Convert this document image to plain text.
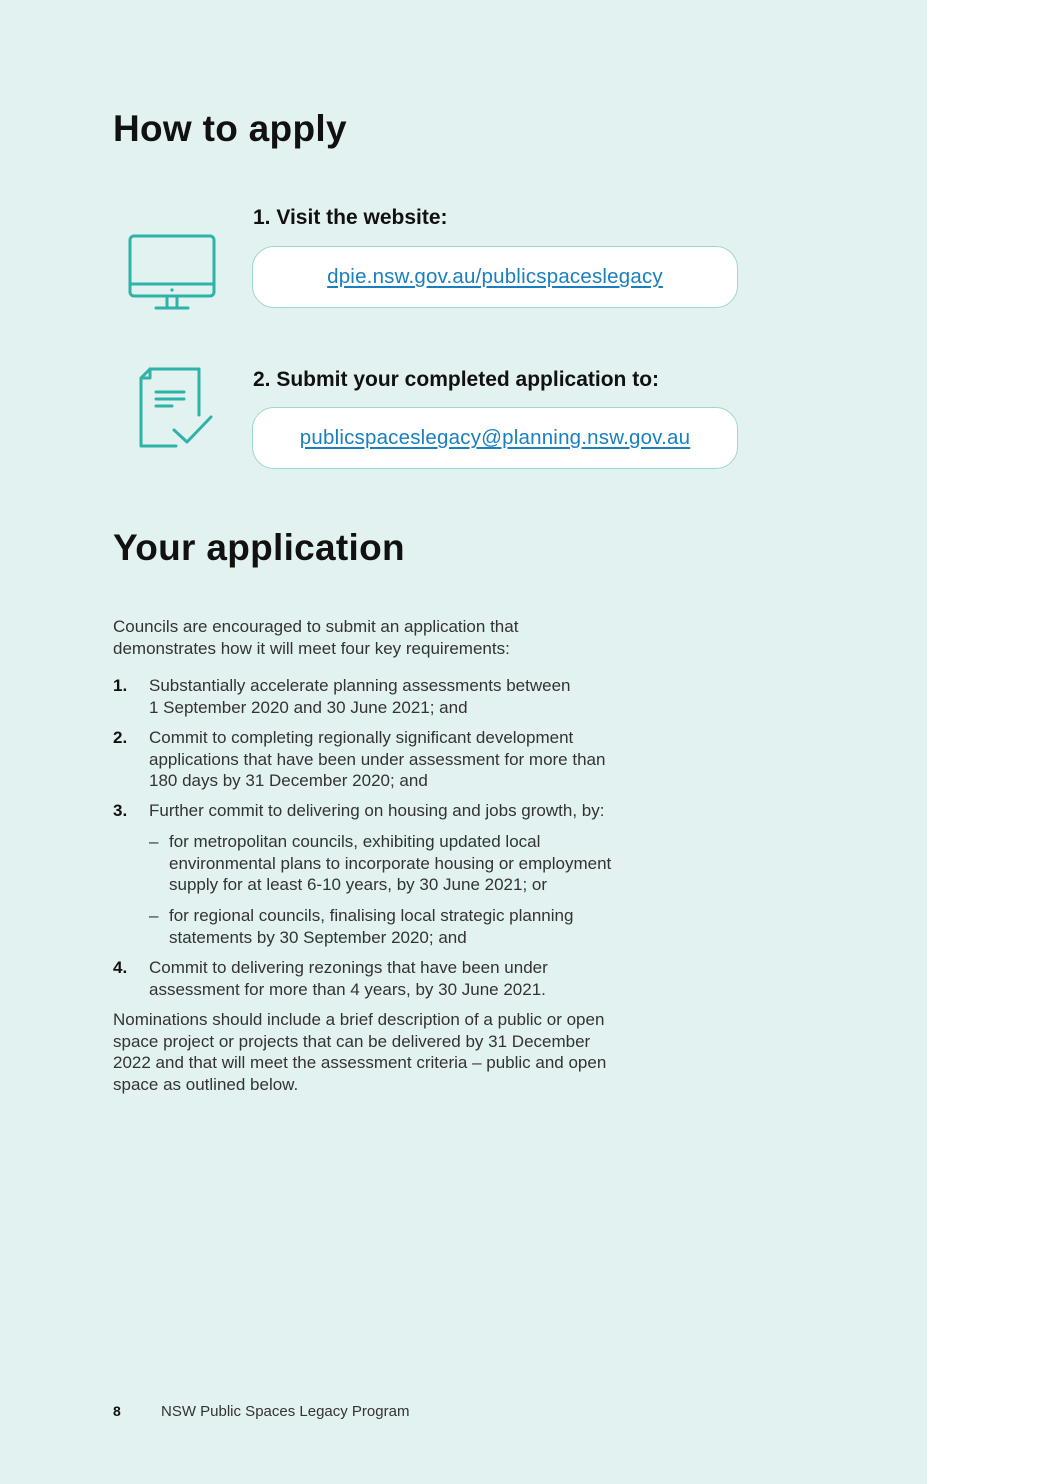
How to apply
1. Visit the website:
dpie.nsw.gov.au/publicspaceslegacy
2. Submit your completed application to:
publicspaceslegacy@planning.nsw.gov.au
Your application

Councils are encouraged to submit an application that
demonstrates how it will meet four key requirements:

1. Substantially accelerate planning assessments between
1 September 2020 and 30 June 2021; and
2. Commit to completing regionally significant development
applications that have been under assessment for more than
180 days by 31 December 2020; and
3. Further commit to delivering on housing and jobs growth, by:
– for metropolitan councils, exhibiting updated local
environmental plans to incorporate housing or employment
supply for at least 6-10 years, by 30 June 2021; or
– for regional councils, finalising local strategic planning
statements by 30 September 2020; and
4. Commit to delivering rezonings that have been under
assessment for more than 4 years, by 30 June 2021.

Nominations should include a brief description of a public or open
space project or projects that can be delivered by 31 December
2022 and that will meet the assessment criteria – public and open
space as outlined below.

8	NSW Public Spaces Legacy Program
